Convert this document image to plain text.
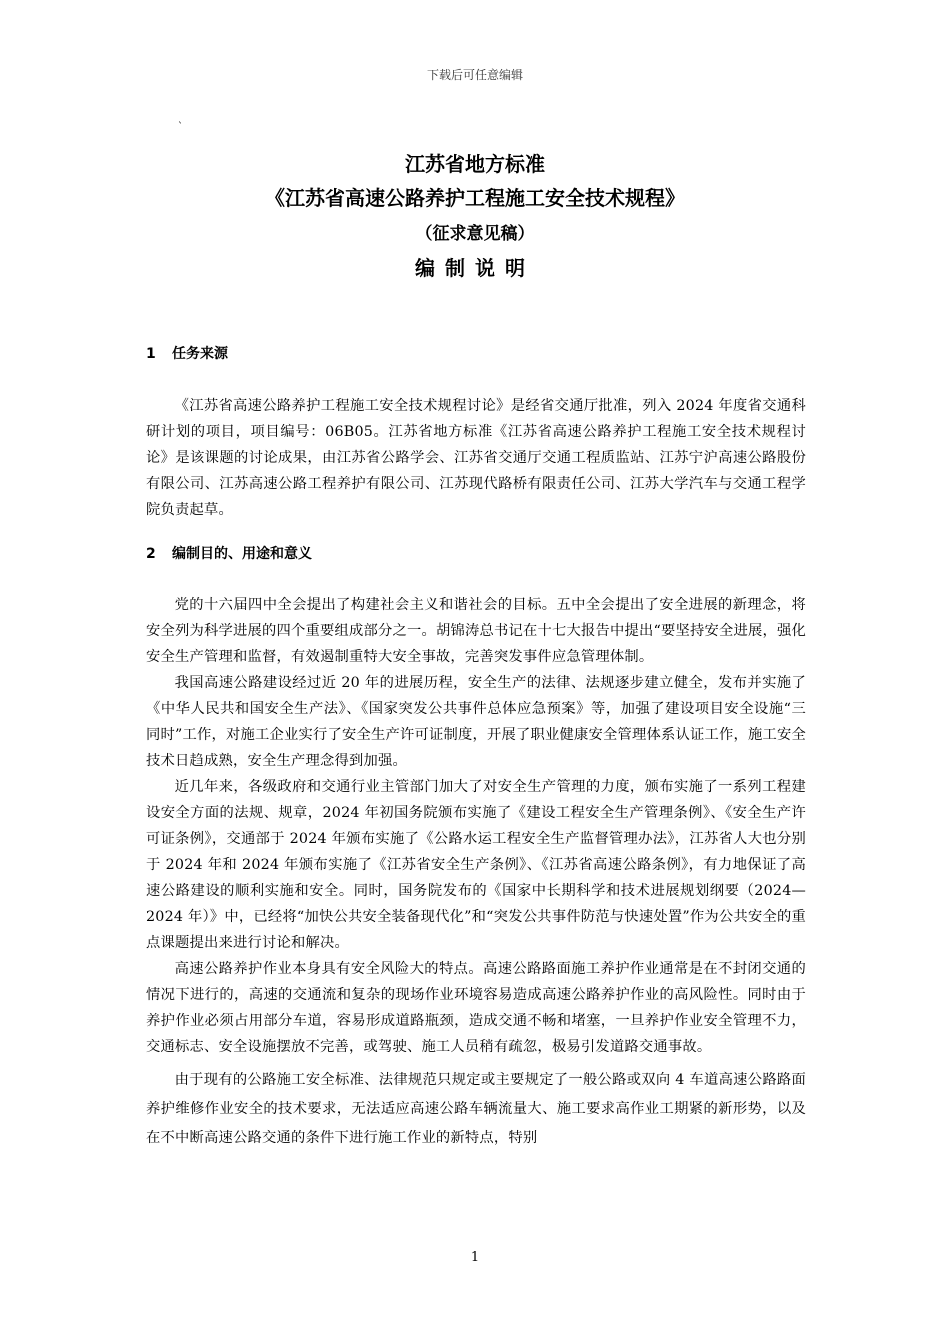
下载后可任意编辑
`
江苏省地方标准
《江苏省高速公路养护工程施工安全技术规程》
（征求意见稿）
编制说明
1 任务来源

《江苏省高速公路养护工程施工安全技术规程讨论》是经省交通厅批准，列入 2024 年度省交通科研计划的项目，项目编号：06B05。江苏省地方标准《江苏省高速公路养护工程施工安全技术规程讨论》是该课题的讨论成果，由江苏省公路学会、江苏省交通厅交通工程质监站、江苏宁沪高速公路股份有限公司、江苏高速公路工程养护有限公司、江苏现代路桥有限责任公司、江苏大学汽车与交通工程学院负责起草。

2 编制目的、用途和意义

党的十六届四中全会提出了构建社会主义和谐社会的目标。五中全会提出了安全进展的新理念，将安全列为科学进展的四个重要组成部分之一。胡锦涛总书记在十七大报告中提出“要坚持安全进展，强化安全生产管理和监督，有效遏制重特大安全事故，完善突发事件应急管理体制。

我国高速公路建设经过近 20 年的进展历程，安全生产的法律、法规逐步建立健全，发布并实施了《中华人民共和国安全生产法》、《国家突发公共事件总体应急预案》等，加强了建设项目安全设施“三同时”工作，对施工企业实行了安全生产许可证制度，开展了职业健康安全管理体系认证工作，施工安全技术日趋成熟，安全生产理念得到加强。

近几年来，各级政府和交通行业主管部门加大了对安全生产管理的力度，颁布实施了一系列工程建设安全方面的法规、规章，2024 年初国务院颁布实施了《建设工程安全生产管理条例》、《安全生产许可证条例》，交通部于 2024 年颁布实施了《公路水运工程安全生产监督管理办法》，江苏省人大也分别于 2024 年和 2024 年颁布实施了《江苏省安全生产条例》、《江苏省高速公路条例》，有力地保证了高速公路建设的顺利实施和安全。同时，国务院发布的《国家中长期科学和技术进展规划纲要（2024—2024 年）》中，已经将“加快公共安全装备现代化”和“突发公共事件防范与快速处置”作为公共安全的重点课题提出来进行讨论和解决。

高速公路养护作业本身具有安全风险大的特点。高速公路路面施工养护作业通常是在不封闭交通的情况下进行的，高速的交通流和复杂的现场作业环境容易造成高速公路养护作业的高风险性。同时由于养护作业必须占用部分车道，容易形成道路瓶颈，造成交通不畅和堵塞，一旦养护作业安全管理不力，交通标志、安全设施摆放不完善，或驾驶、施工人员稍有疏忽，极易引发道路交通事故。

由于现有的公路施工安全标准、法律规范只规定或主要规定了一般公路或双向 4 车道高速公路路面养护维修作业安全的技术要求，无法适应高速公路车辆流量大、施工要求高作业工期紧的新形势，以及在不中断高速公路交通的条件下进行施工作业的新特点，特别

1
